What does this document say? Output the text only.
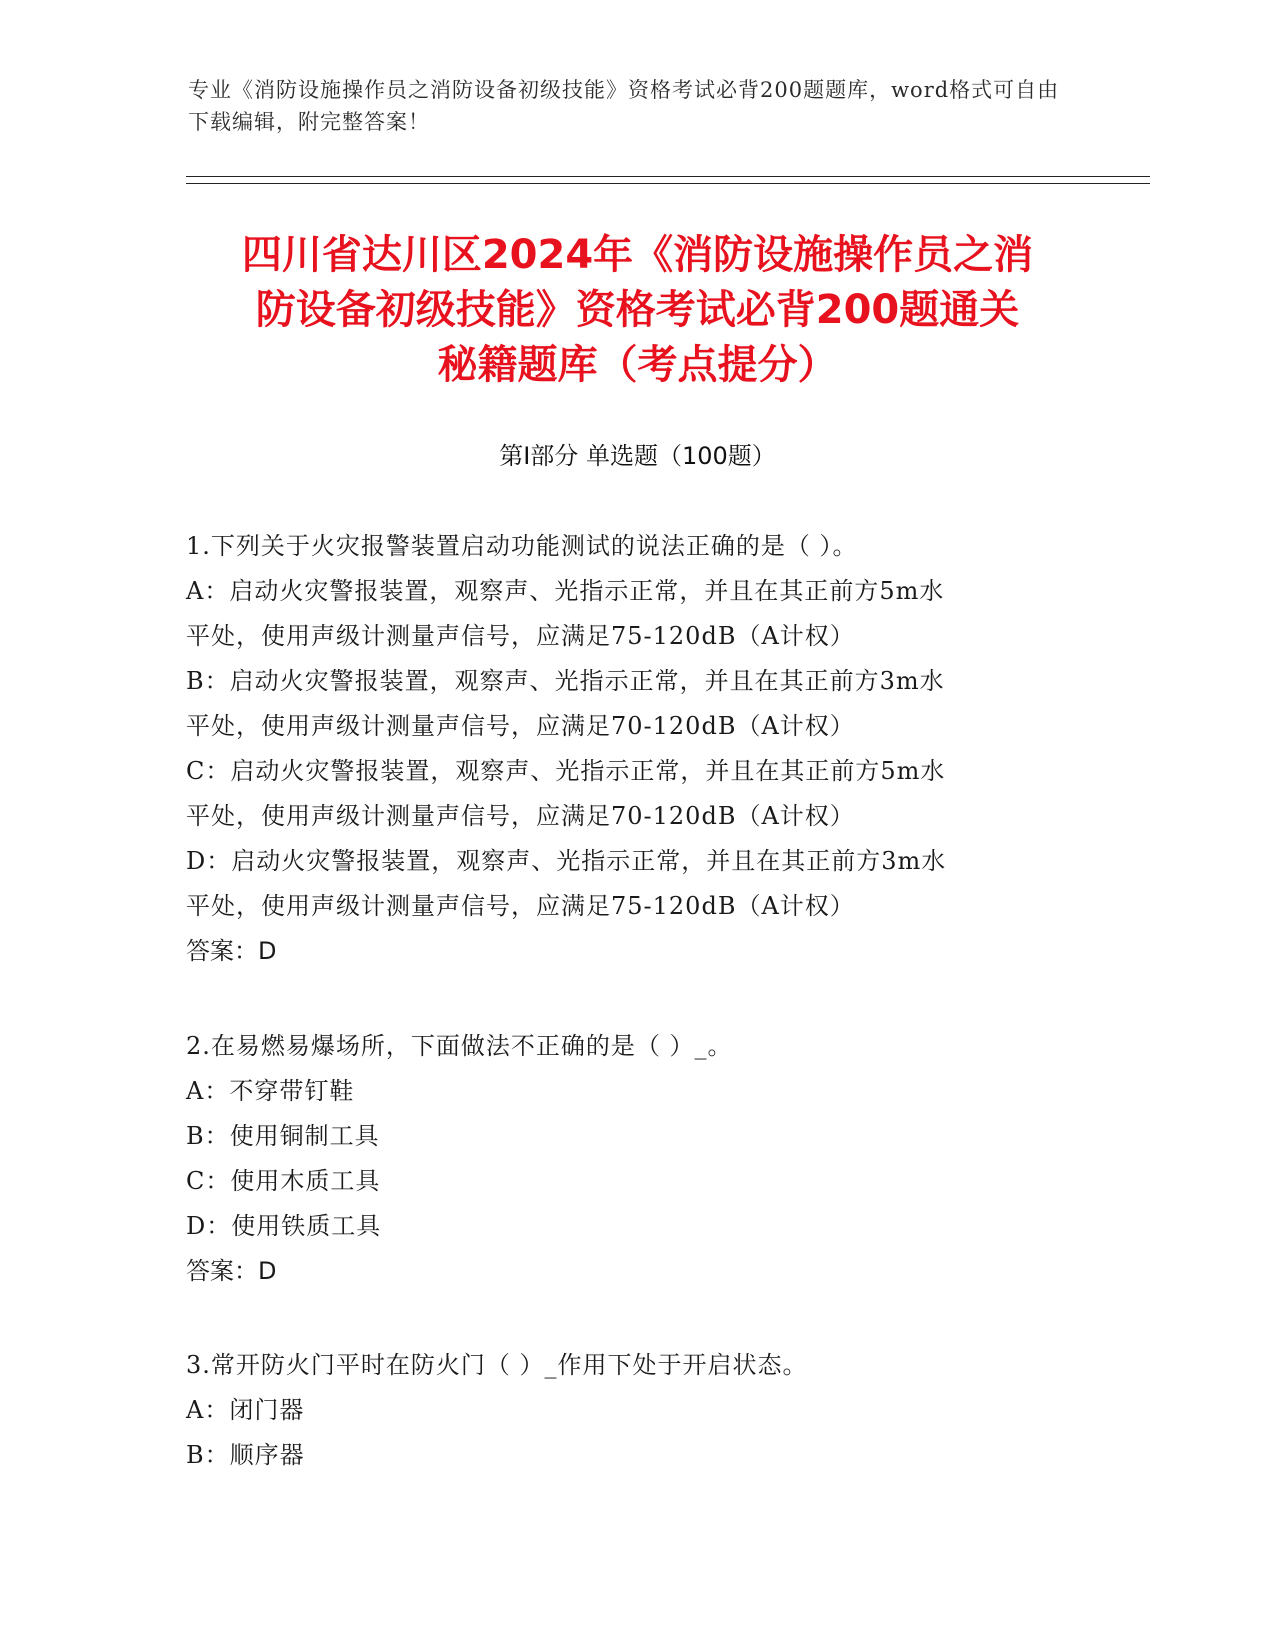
专业《消防设施操作员之消防设备初级技能》资格考试必背200题题库，word格式可自由下载编辑，附完整答案！
四川省达川区2024年《消防设施操作员之消
防设备初级技能》资格考试必背200题通关
秘籍题库（考点提分）
第Ⅰ部分 单选题（100题）
1.下列关于火灾报警装置启动功能测试的说法正确的是（ ）。
A：启动火灾警报装置，观察声、光指示正常，并且在其正前方5m水
平处，使用声级计测量声信号，应满足75-120dB（A计权）
B：启动火灾警报装置，观察声、光指示正常，并且在其正前方3m水
平处，使用声级计测量声信号，应满足70-120dB（A计权）
C：启动火灾警报装置，观察声、光指示正常，并且在其正前方5m水
平处，使用声级计测量声信号，应满足70-120dB（A计权）
D：启动火灾警报装置，观察声、光指示正常，并且在其正前方3m水
平处，使用声级计测量声信号，应满足75-120dB（A计权）
答案：D
2.在易燃易爆场所，下面做法不正确的是（ ）_。
A：不穿带钉鞋
B：使用铜制工具
C：使用木质工具
D：使用铁质工具
答案：D
3.常开防火门平时在防火门（ ）_作用下处于开启状态。
A：闭门器
B：顺序器
